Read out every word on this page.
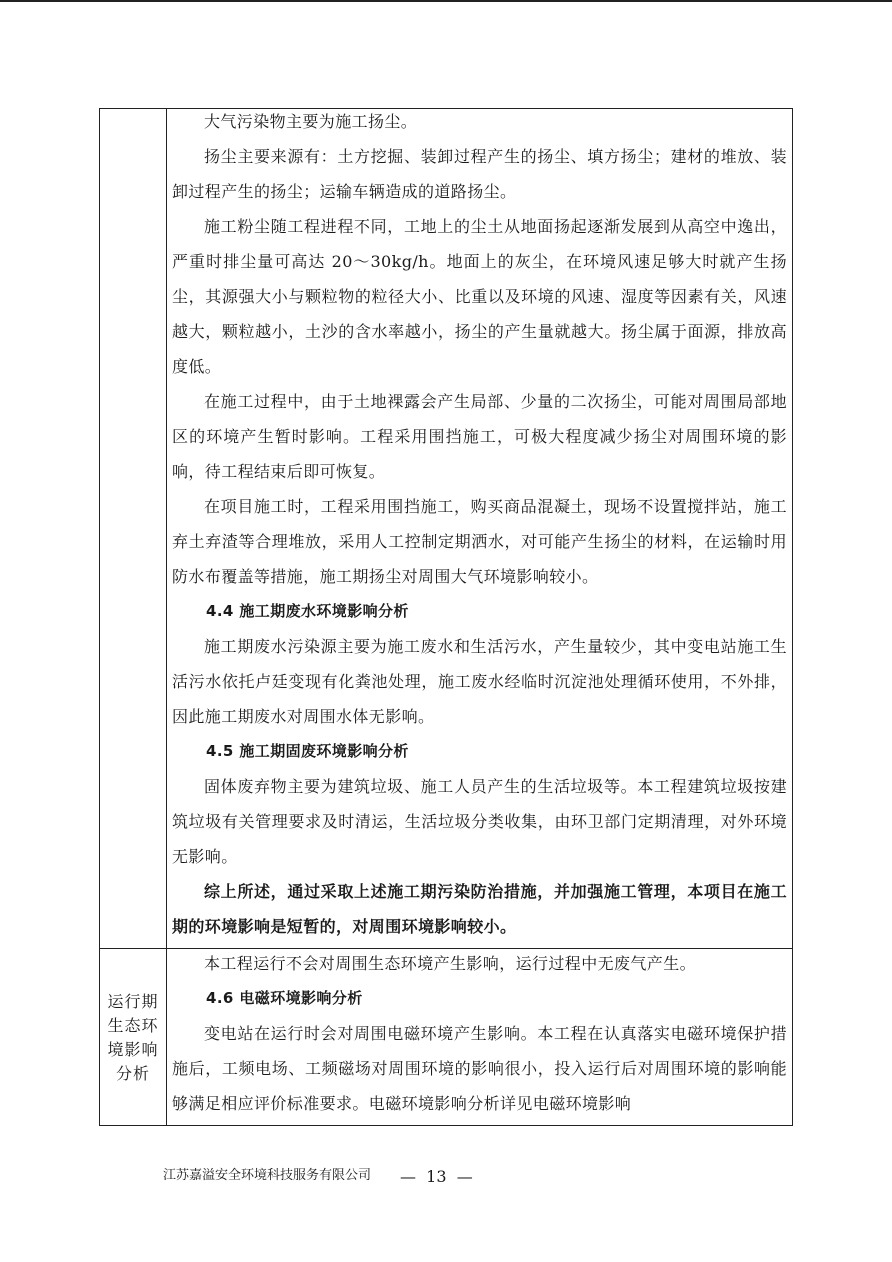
大气污染物主要为施工扬尘。

扬尘主要来源有：土方挖掘、装卸过程产生的扬尘、填方扬尘；建材的堆放、装卸过程产生的扬尘；运输车辆造成的道路扬尘。

施工粉尘随工程进程不同，工地上的尘土从地面扬起逐渐发展到从高空中逸出，严重时排尘量可高达 20～30kg/h。地面上的灰尘，在环境风速足够大时就产生扬尘，其源强大小与颗粒物的粒径大小、比重以及环境的风速、湿度等因素有关，风速越大，颗粒越小，土沙的含水率越小，扬尘的产生量就越大。扬尘属于面源，排放高度低。

在施工过程中，由于土地裸露会产生局部、少量的二次扬尘，可能对周围局部地区的环境产生暂时影响。工程采用围挡施工，可极大程度减少扬尘对周围环境的影响，待工程结束后即可恢复。

在项目施工时，工程采用围挡施工，购买商品混凝土，现场不设置搅拌站，施工弃土弃渣等合理堆放，采用人工控制定期洒水，对可能产生扬尘的材料，在运输时用防水布覆盖等措施，施工期扬尘对周围大气环境影响较小。

4.4 施工期废水环境影响分析

施工期废水污染源主要为施工废水和生活污水，产生量较少，其中变电站施工生活污水依托卢廷变现有化粪池处理，施工废水经临时沉淀池处理循环使用，不外排，因此施工期废水对周围水体无影响。

4.5 施工期固废环境影响分析

固体废弃物主要为建筑垃圾、施工人员产生的生活垃圾等。本工程建筑垃圾按建筑垃圾有关管理要求及时清运，生活垃圾分类收集，由环卫部门定期清理，对外环境无影响。

综上所述，通过采取上述施工期污染防治措施，并加强施工管理，本项目在施工期的环境影响是短暂的，对周围环境影响较小。

运行期
生态环
境影响
分析

本工程运行不会对周围生态环境产生影响，运行过程中无废气产生。

4.6 电磁环境影响分析

变电站在运行时会对周围电磁环境产生影响。本工程在认真落实电磁环境保护措施后，工频电场、工频磁场对周围环境的影响很小，投入运行后对周围环境的影响能够满足相应评价标准要求。电磁环境影响分析详见电磁环境影响

江苏嘉溢安全环境科技服务有限公司 —  13  —
